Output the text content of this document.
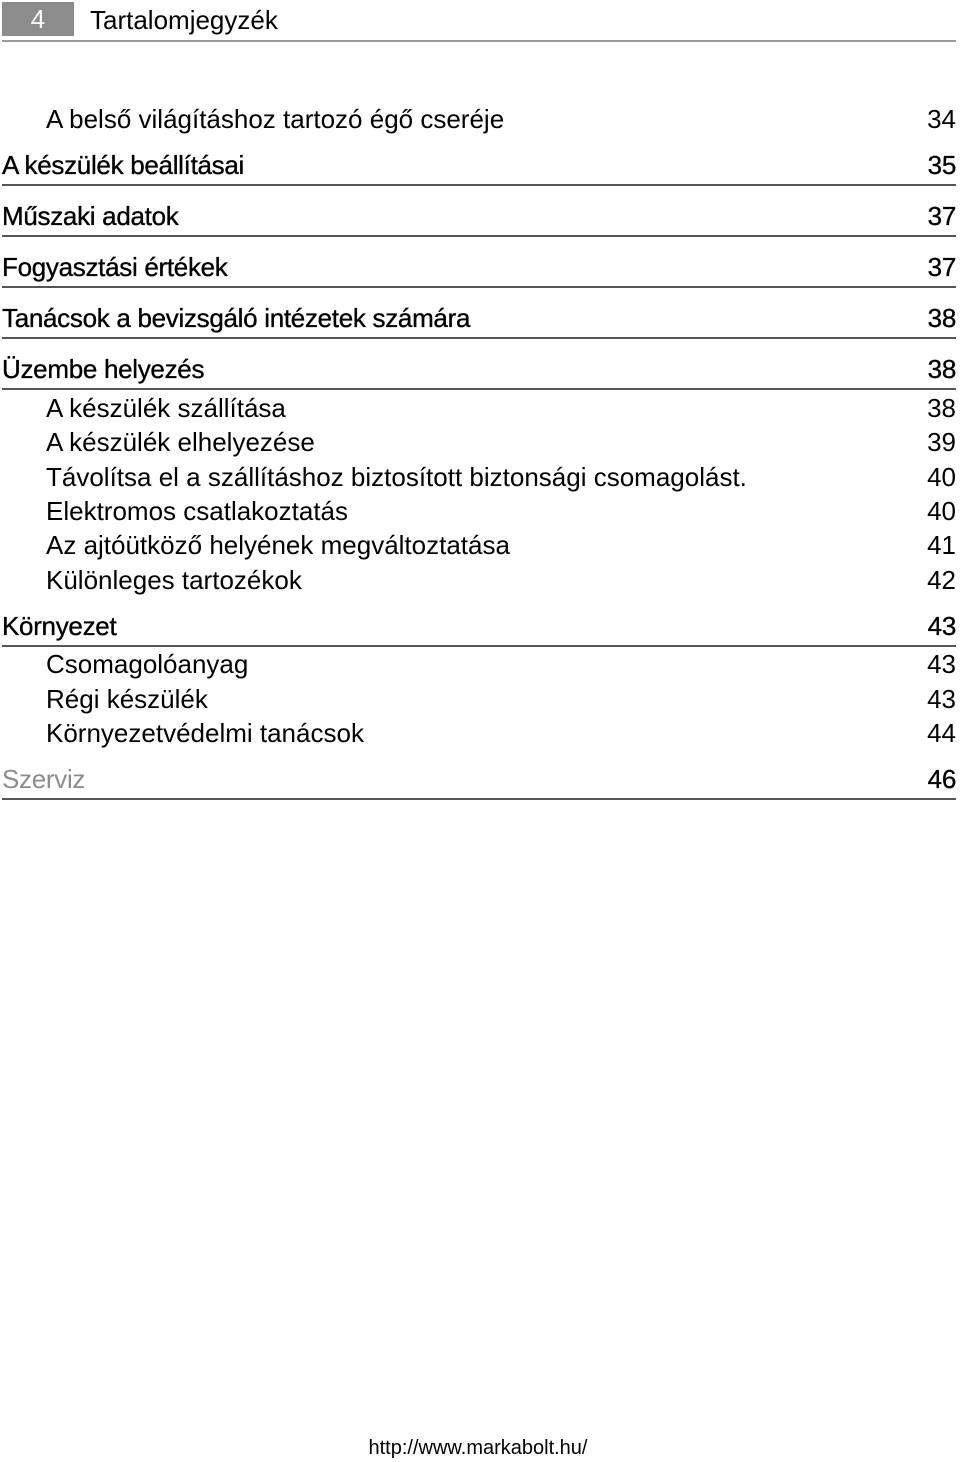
4	Tartalomjegyzék
A belső világításhoz tartozó égő cseréje	34
A készülék beállításai	35
Műszaki adatok	37
Fogyasztási értékek	37
Tanácsok a bevizsgáló intézetek számára	38
Üzembe helyezés	38
A készülék szállítása	38
A készülék elhelyezése	39
Távolítsa el a szállításhoz biztosított biztonsági csomagolást.	40
Elektromos csatlakoztatás	40
Az ajtóütköző helyének megváltoztatása	41
Különleges tartozékok	42
Környezet	43
Csomagolóanyag	43
Régi készülék	43
Környezetvédelmi tanácsok	44
Szerviz	46
http://www.markabolt.hu/
